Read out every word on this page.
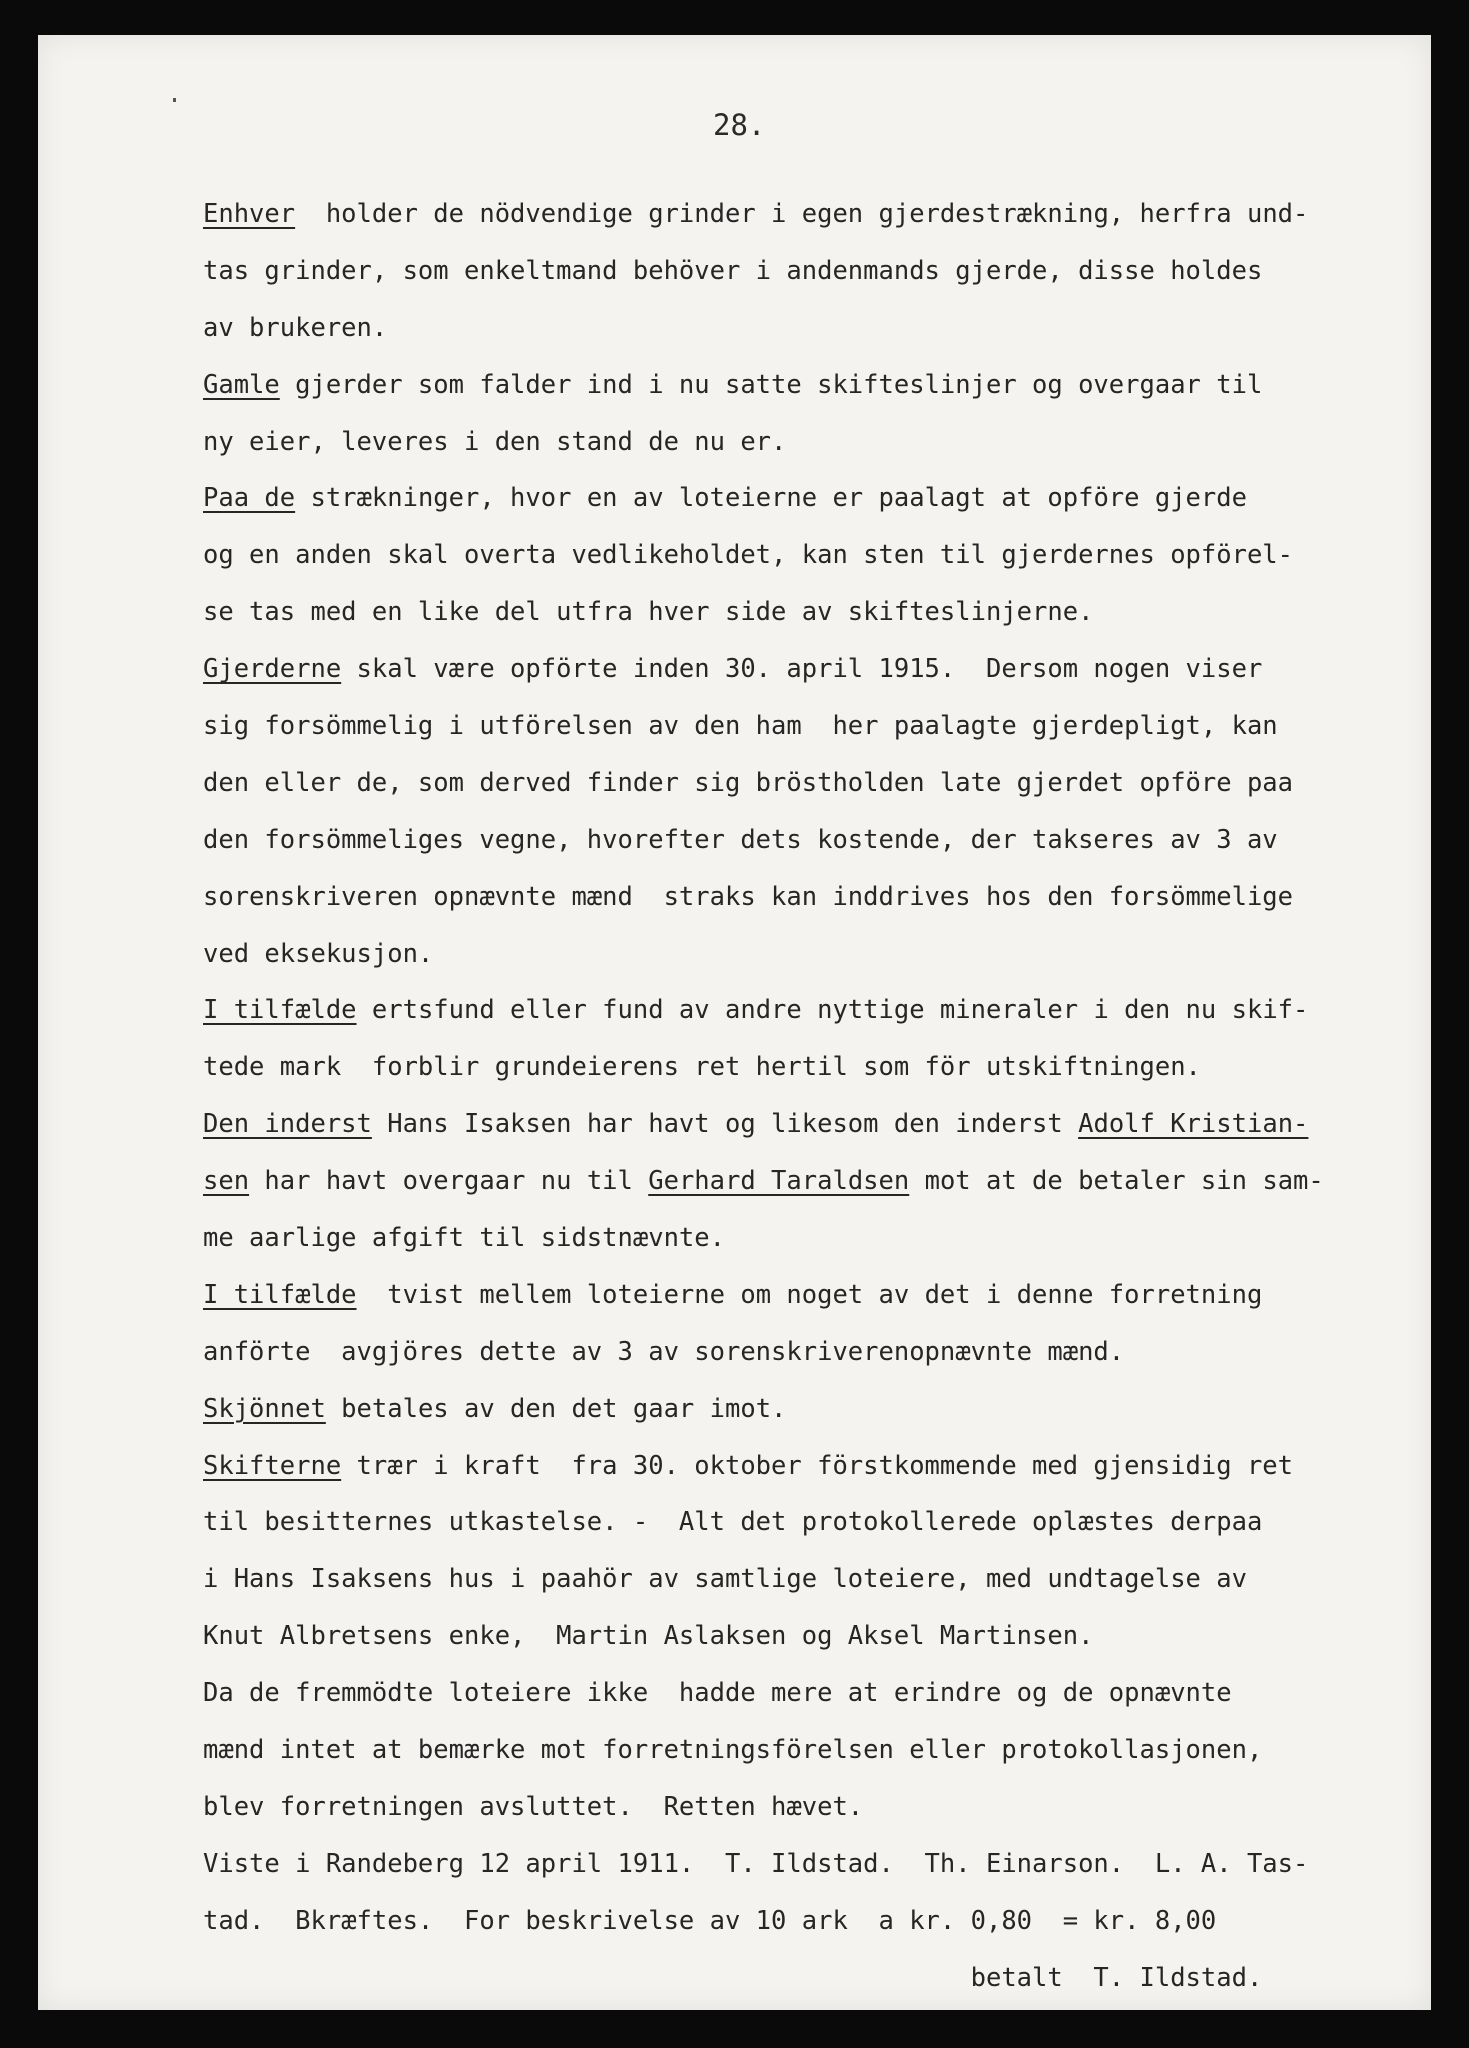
28.
Enhver  holder de nödvendige grinder i egen gjerdestrækning, herfra und-
tas grinder, som enkeltmand behöver i andenmands gjerde, disse holdes
av brukeren.
Gamle gjerder som falder ind i nu satte skifteslinjer og overgaar til
ny eier, leveres i den stand de nu er.
Paa de strækninger, hvor en av loteierne er paalagt at opföre gjerde
og en anden skal overta vedlikeholdet, kan sten til gjerdernes opförel-
se tas med en like del utfra hver side av skifteslinjerne.
Gjerderne skal være opförte inden 30. april 1915.  Dersom nogen viser
sig forsömmelig i utförelsen av den ham  her paalagte gjerdepligt, kan
den eller de, som derved finder sig bröstholden late gjerdet opföre paa
den forsömmeliges vegne, hvorefter dets kostende, der takseres av 3 av
sorenskriveren opnævnte mænd  straks kan inddrives hos den forsömmelige
ved eksekusjon.
I tilfælde ertsfund eller fund av andre nyttige mineraler i den nu skif-
tede mark  forblir grundeierens ret hertil som för utskiftningen.
Den inderst Hans Isaksen har havt og likesom den inderst Adolf Kristian-
sen har havt overgaar nu til Gerhard Taraldsen mot at de betaler sin sam-
me aarlige afgift til sidstnævnte.
I tilfælde  tvist mellem loteierne om noget av det i denne forretning
anförte  avgjöres dette av 3 av sorenskriverenopnævnte mænd.
Skjönnet betales av den det gaar imot.
Skifterne trær i kraft  fra 30. oktober förstkommende med gjensidig ret
til besitternes utkastelse. -  Alt det protokollerede oplæstes derpaa
i Hans Isaksens hus i paahör av samtlige loteiere, med undtagelse av
Knut Albretsens enke,  Martin Aslaksen og Aksel Martinsen.
Da de fremmödte loteiere ikke  hadde mere at erindre og de opnævnte
mænd intet at bemærke mot forretningsförelsen eller protokollasjonen,
blev forretningen avsluttet.  Retten hævet.
Viste i Randeberg 12 april 1911.  T. Ildstad.  Th. Einarson.  L. A. Tas-
tad.  Bkræftes.  For beskrivelse av 10 ark  a kr. 0,80  = kr. 8,00
betalt  T. Ildstad.
